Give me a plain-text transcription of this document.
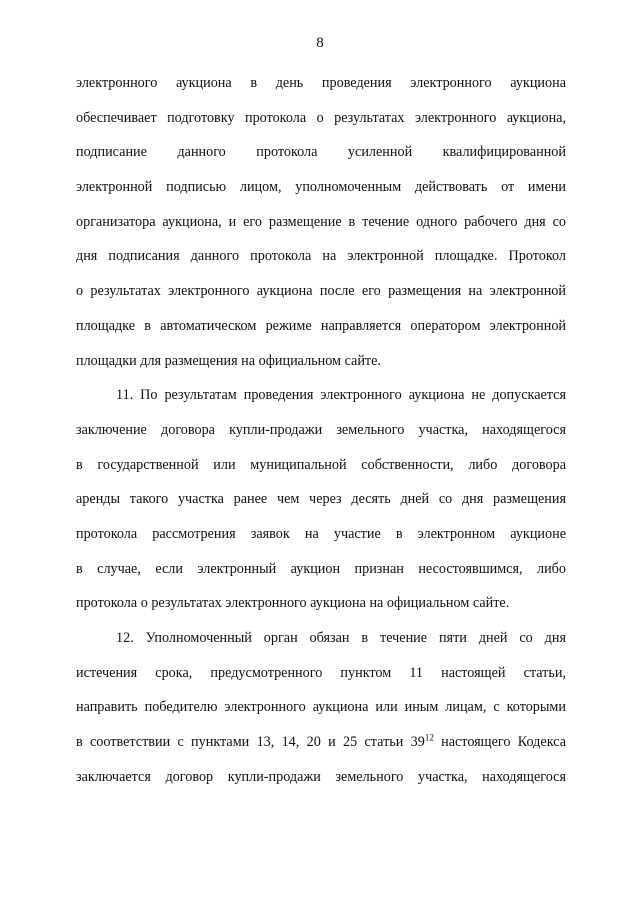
8
электронного аукциона в день проведения электронного аукциона
обеспечивает подготовку протокола о результатах электронного аукциона,
подписание данного протокола усиленной квалифицированной
электронной подписью лицом, уполномоченным действовать от имени
организатора аукциона, и его размещение в течение одного рабочего дня со
дня подписания данного протокола на электронной площадке. Протокол
о результатах электронного аукциона после его размещения на электронной
площадке в автоматическом режиме направляется оператором электронной
площадки для размещения на официальном сайте.
11. По результатам проведения электронного аукциона не допускается
заключение договора купли-продажи земельного участка, находящегося
в государственной или муниципальной собственности, либо договора
аренды такого участка ранее чем через десять дней со дня размещения
протокола рассмотрения заявок на участие в электронном аукционе
в случае, если электронный аукцион признан несостоявшимся, либо
протокола о результатах электронного аукциона на официальном сайте.
12. Уполномоченный орган обязан в течение пяти дней со дня
истечения срока, предусмотренного пунктом 11 настоящей статьи,
направить победителю электронного аукциона или иным лицам, с которыми
в соответствии с пунктами 13, 14, 20 и 25 статьи $39^{12}$ настоящего Кодекса
заключается договор купли-продажи земельного участка, находящегося
